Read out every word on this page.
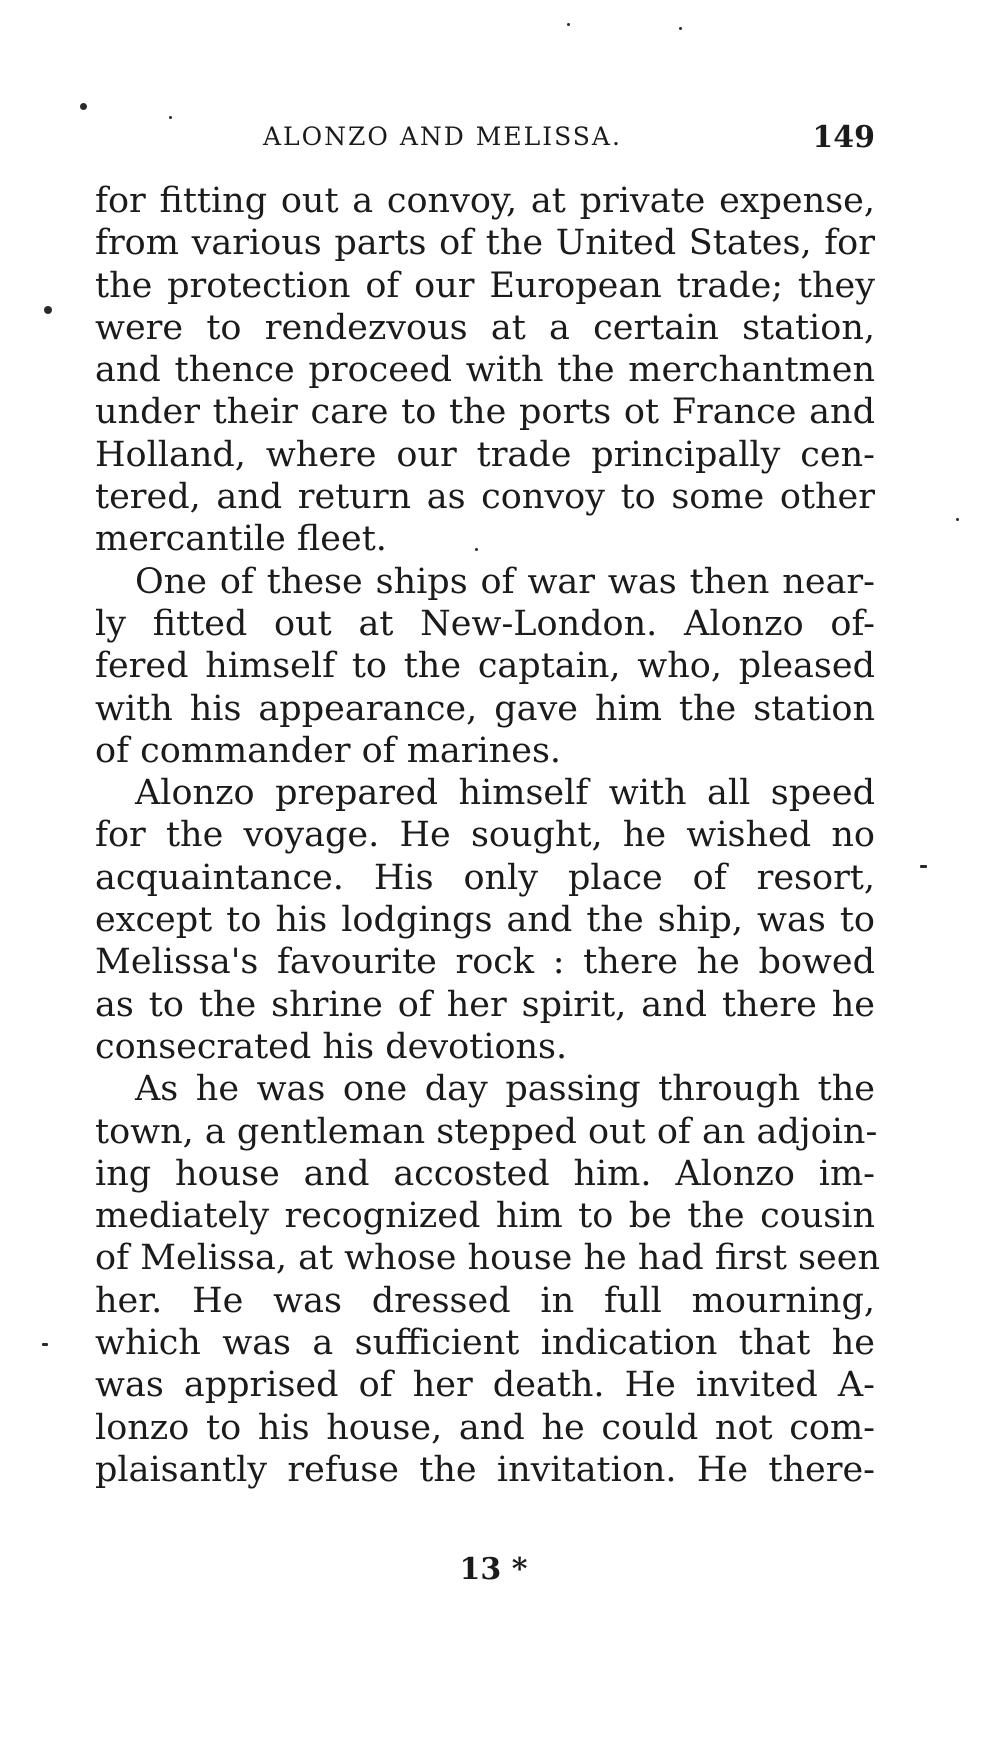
ALONZO AND MELISSA.	149
for fitting out a convoy, at private expense,
from various parts of the United States, for
the protection of our European trade; they
were to rendezvous at a certain station,
and thence proceed with the merchantmen
under their care to the ports ot France and
Holland, where our trade principally cen-
tered, and return as convoy to some other
mercantile fleet.
One of these ships of war was then near-
ly fitted out at New-London. Alonzo of-
fered himself to the captain, who, pleased
with his appearance, gave him the station
of commander of marines.
Alonzo prepared himself with all speed
for the voyage. He sought, he wished no
acquaintance. His only place of resort,
except to his lodgings and the ship, was to
Melissa's favourite rock : there he bowed
as to the shrine of her spirit, and there he
consecrated his devotions.
As he was one day passing through the
town, a gentleman stepped out of an adjoin-
ing house and accosted him. Alonzo im-
mediately recognized him to be the cousin
of Melissa, at whose house he had first seen
her. He was dressed in full mourning,
which was a sufficient indication that he
was apprised of her death. He invited A-
lonzo to his house, and he could not com-
plaisantly refuse the invitation. He there-
13 *
